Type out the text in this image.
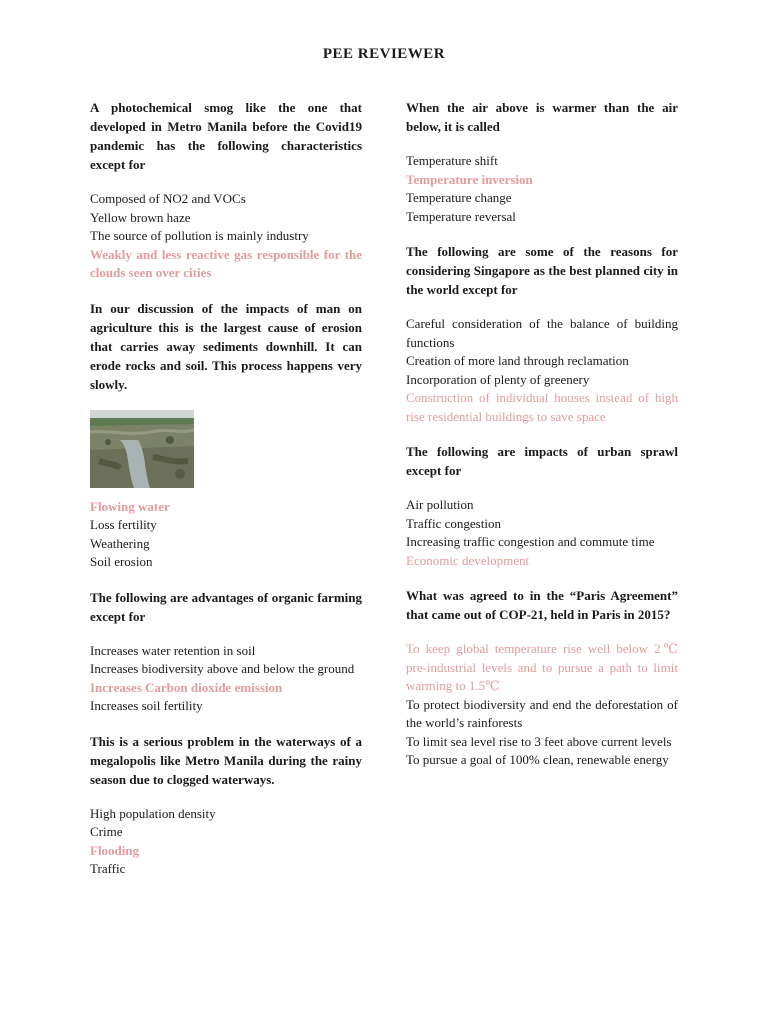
PEE REVIEWER
A photochemical smog like the one that developed in Metro Manila before the Covid19 pandemic has the following characteristics except for
Composed of NO2 and VOCs
Yellow brown haze
The source of pollution is mainly industry
Weakly and less reactive gas responsible for the clouds seen over cities
In our discussion of the impacts of man on agriculture this is the largest cause of erosion that carries away sediments downhill. It can erode rocks and soil. This process happens very slowly.
Flowing water
Loss fertility
Weathering
Soil erosion
The following are advantages of organic farming except for
Increases water retention in soil
Increases biodiversity above and below the ground
Increases Carbon dioxide emission
Increases soil fertility
This is a serious problem in the waterways of a megalopolis like Metro Manila during the rainy season due to clogged waterways.
High population density
Crime
Flooding
Traffic
When the air above is warmer than the air below, it is called
Temperature shift
Temperature inversion
Temperature change
Temperature reversal
The following are some of the reasons for considering Singapore as the best planned city in the world except for
Careful consideration of the balance of building functions
Creation of more land through reclamation
Incorporation of plenty of greenery
Construction of individual houses instead of high rise residential buildings to save space
The following are impacts of urban sprawl except for
Air pollution
Traffic congestion
Increasing traffic congestion and commute time
Economic development
What was agreed to in the “Paris Agreement” that came out of COP-21, held in Paris in 2015?
To keep global temperature rise well below 2℃ pre-industrial levels and to pursue a path to limit warming to 1.5℃
To protect biodiversity and end the deforestation of the world’s rainforests
To limit sea level rise to 3 feet above current levels
To pursue a goal of 100% clean, renewable energy
